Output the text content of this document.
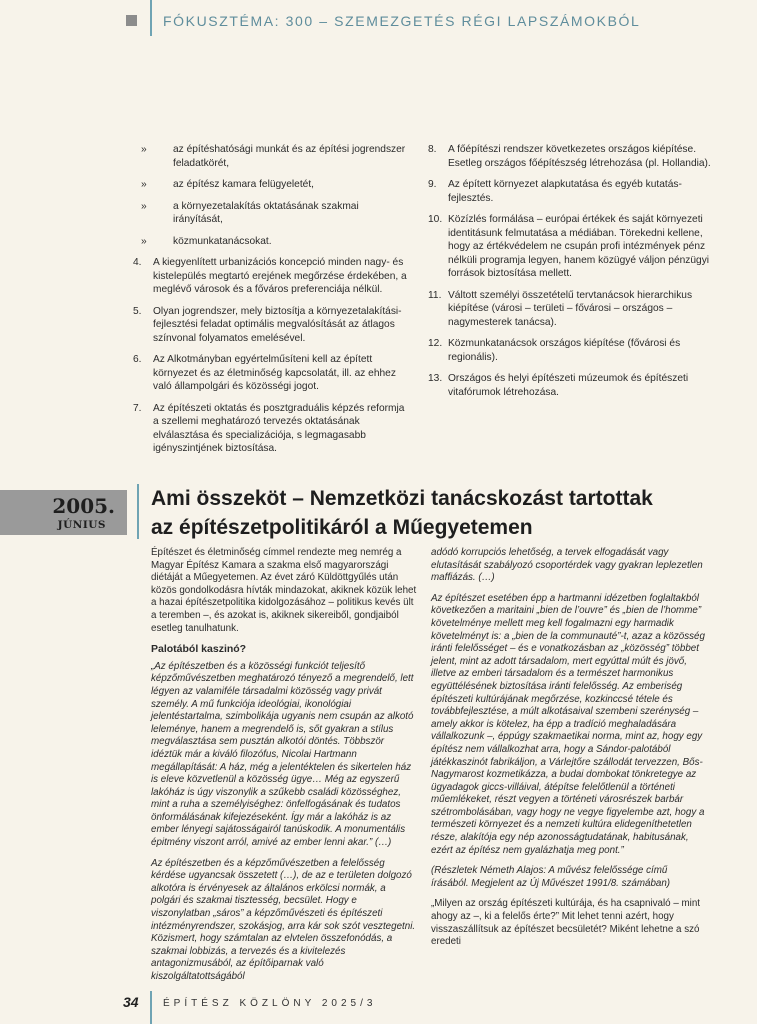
FÓKUSZTÉMA: 300 – SZEMEZGETÉS RÉGI LAPSZÁMOKBÓL
»	az építéshatósági munkát és az építési jogrendszer feladatkörét,
»	az építész kamara felügyeletét,
»	a környezetalakítás oktatásának szakmai irányítását,
»	közmunkatanácsokat.
4.	A kiegyenlített urbanizációs koncepció minden nagy- és kistelepülés megtartó erejének megőrzése érdekében, a meglévő városok és a főváros preferenciája nélkül.
5.	Olyan jogrendszer, mely biztosítja a környezetalakítási-fejlesztési feladat optimális megvalósítását az átlagos színvonal folyamatos emelésével.
6.	Az Alkotmányban egyértelműsíteni kell az épített környezet és az életminőség kapcsolatát, ill. az ehhez való állampolgári és közösségi jogot.
7.	Az építészeti oktatás és posztgraduális képzés reformja a szellemi meghatározó tervezés oktatásának elválasztása és specializációja, s legmagasabb igényszintjének biztosítása.
8.	A főépítészi rendszer következetes országos kiépítése. Esetleg országos főépítészség létrehozása (pl. Hollandia).
9.	Az épített környezet alapkutatása és egyéb kutatás-fejlesztés.
10. Közízlés formálása – európai értékek és saját környezeti identitásunk felmutatása a médiában. Törekedni kellene, hogy az értékvédelem ne csupán profi intézmények pénz nélküli programja legyen, hanem közügyé váljon pénzügyi források biztosítása mellett.
11. Váltott személyi összetételű tervtanácsok hierarchikus kiépítése (városi – területi – fővárosi – országos – nagymesterek tanácsa).
12. Közmunkatanácsok országos kiépítése (fővárosi és regionális).
13. Országos és helyi építészeti múzeumok és építészeti vitafórumok létrehozása.
2005.
JÚNIUS
Ami összeköt – Nemzetközi tanácskozást tartottak
az építészetpolitikáról a Műegyetemen

Építészet és életminőség címmel rendezte meg nemrég a Magyar Építész Kamara a szakma első magyarországi diétáját a Műegyetemen. Az évet záró Küldöttgyűlés után közös gondolkodásra hívták mindazokat, akiknek közük lehet a hazai építészetpolitika kidolgozásához – politikus kevés ült a teremben –, és azokat is, akiknek sikereiből, gondjaiból esetleg tanulhatunk.

Palotából kaszinó?

„Az építészetben és a közösségi funkciót teljesítő képzőművészetben meghatározó tényező a megrendelő, lett légyen az valamiféle társadalmi közösség vagy privát személy. A mű funkciója ideológiai, ikonológiai jelentéstartalma, szimbolikája ugyanis nem csupán az alkotó leleménye, hanem a megrendelő is, sőt gyakran a stílus megválasztása sem pusztán alkotói döntés. Többször idéztük már a kiváló filozófus, Nicolai Hartmann megállapítását: A ház, még a jelentéktelen és sikertelen ház is eleve közvetlenül a közösség ügye… Még az egyszerű lakóház is úgy viszonylik a szűkebb családi közösséghez, mint a ruha a személyiséghez: önfelfogásának és tudatos önformálásának kifejezéseként. Így már a lakóház is az ember lényegi sajátosságairól tanúskodik. A monumentális épitmény viszont arról, amivé az ember lenni akar.” (…)

Az építészetben és a képzőművészetben a felelősség kérdése ugyancsak összetett (…), de az e területen dolgozó alkotóra is érvényesek az általános erkölcsi normák, a polgári és szakmai tisztesség, becsület. Hogy e viszonylatban „sáros” a képzőművészeti és építészeti intézményrendszer, szokásjog, arra kár sok szót vesztegetni. Közismert, hogy számtalan az elvtelen összefonódás, a szakmai lobbizás, a tervezés és a kivitelezés antagonizmusából, az építőiparnak való kiszolgáltatottságából

adódó korrupciós lehetőség, a tervek elfogadását vagy elutasítását szabályozó csoportérdek vagy gyakran leplezetlen maffiázás. (…)

Az építészet esetében épp a hartmanni idézetben foglaltakból következően a maritaini „bien de l’ouvre” és „bien de l’homme” követelménye mellett meg kell fogalmazni egy harmadik követelményt is: a „bien de la communauté”-t, azaz a közösség iránti felelősséget – és e vonatkozásban az „közösség” többet jelent, mint az adott társadalom, mert egyúttal múlt és jövő, illetve az emberi társadalom és a természet harmonikus együttélésének biztosítása iránti felelősség. Az emberiség építészeti kultúrájának megőrzése, kozkinccsé tétele és továbbfejlesztése, a múlt alkotásaival szembeni szerénység – amely akkor is kötelez, ha épp a tradíció meghaladására vállalkozunk –, éppúgy szakmaetikai norma, mint az, hogy egy építész nem vállalkozhat arra, hogy a Sándor-palotából játékkaszinót fabrikáljon, a Várlejtőre szállodát tervezzen, Bős-Nagymarost kozmetikázza, a budai dombokat tönkretegye az ügyadagok giccs-villáival, átépítse felelőtlenül a történeti műemlékeket, részt vegyen a történeti városrészek barbár szétrombolásában, vagy hogy ne vegye figyelembe azt, hogy a természeti környezet és a nemzeti kultúra elidegeníthetetlen része, alakítója egy nép azonosságtudatának, habitusának, ezért az építész nem gyalázhatja meg pont.”

(Részletek Németh Alajos: A művész felelőssége című írásából. Megjelent az Új Művészet 1991/8. számában)

„Milyen az ország építészeti kultúrája, és ha csapnivaló – mint ahogy az –, ki a felelős érte?” Mit lehet tenni azért, hogy visszaszállítsuk az építészet becsületét? Miként lehetne a szó eredeti

34 ÉPÍTÉSZ KÖZLÖNY 2025/3
